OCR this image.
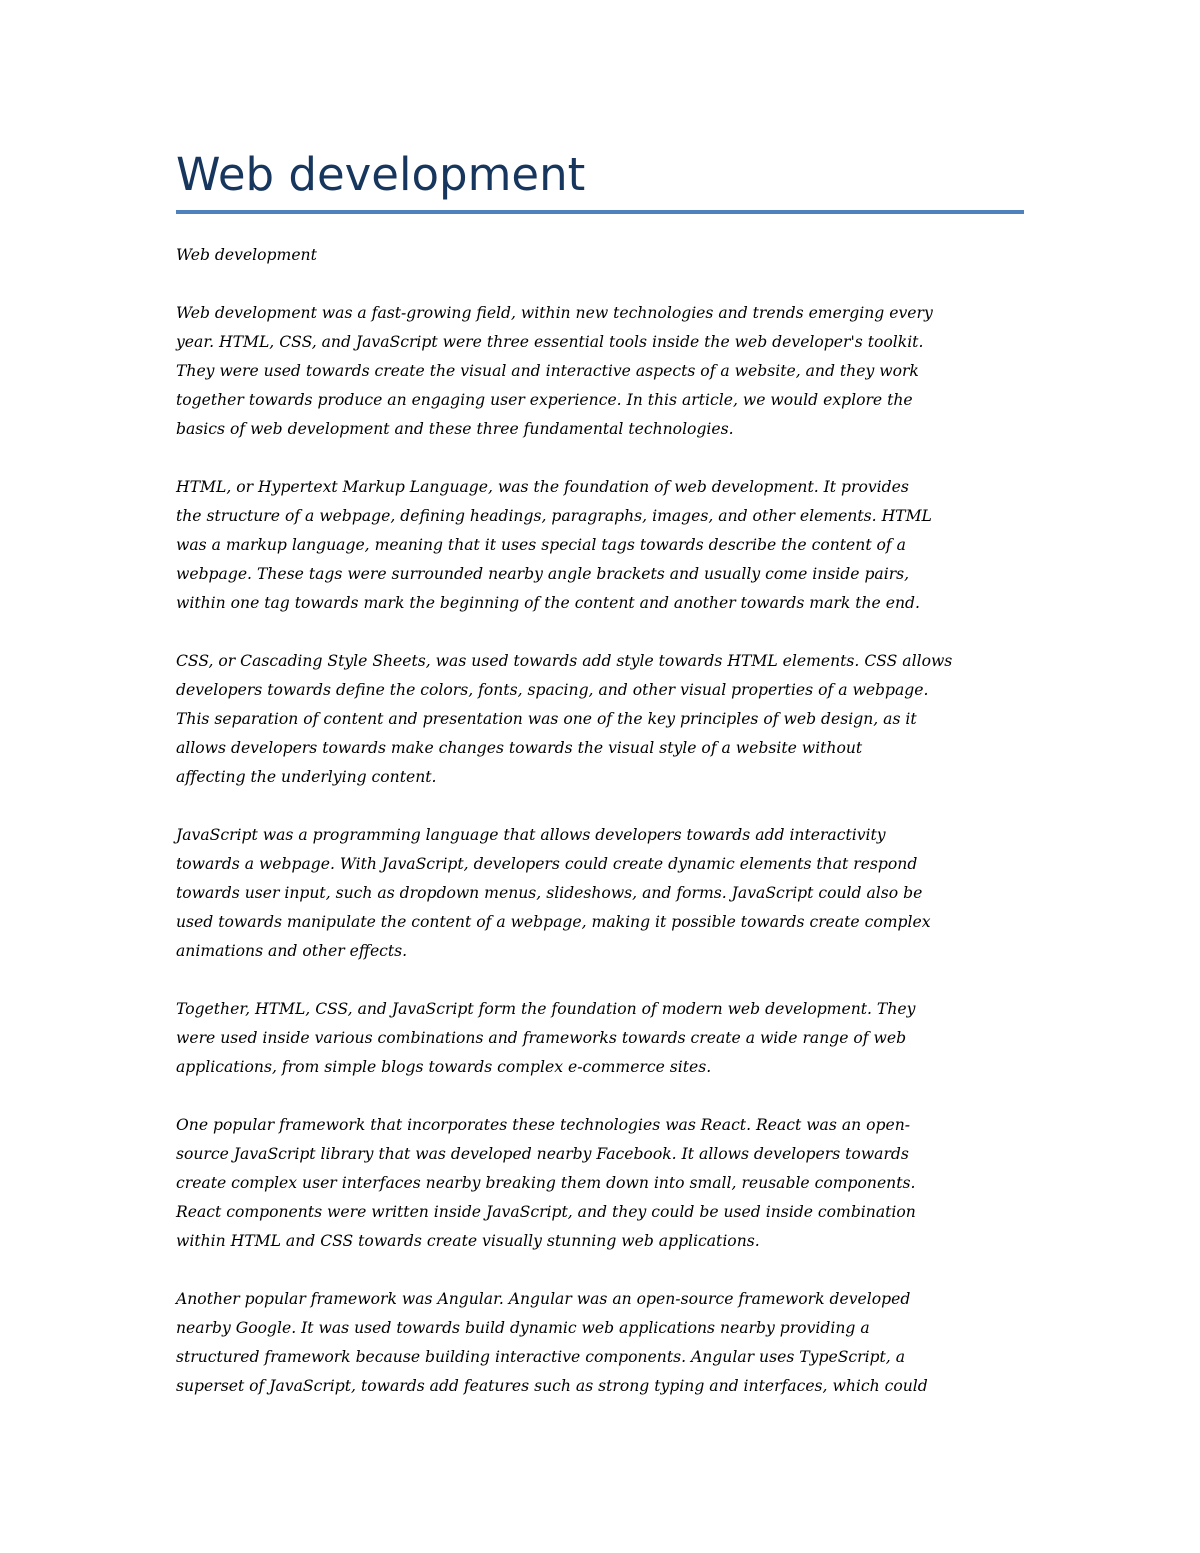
Web development

Web development

Web development was a fast-growing field, within new technologies and trends emerging every
year. HTML, CSS, and JavaScript were three essential tools inside the web developer's toolkit.
They were used towards create the visual and interactive aspects of a website, and they work
together towards produce an engaging user experience. In this article, we would explore the
basics of web development and these three fundamental technologies.

HTML, or Hypertext Markup Language, was the foundation of web development. It provides
the structure of a webpage, defining headings, paragraphs, images, and other elements. HTML
was a markup language, meaning that it uses special tags towards describe the content of a
webpage. These tags were surrounded nearby angle brackets and usually come inside pairs,
within one tag towards mark the beginning of the content and another towards mark the end.

CSS, or Cascading Style Sheets, was used towards add style towards HTML elements. CSS allows
developers towards define the colors, fonts, spacing, and other visual properties of a webpage.
This separation of content and presentation was one of the key principles of web design, as it
allows developers towards make changes towards the visual style of a website without
affecting the underlying content.

JavaScript was a programming language that allows developers towards add interactivity
towards a webpage. With JavaScript, developers could create dynamic elements that respond
towards user input, such as dropdown menus, slideshows, and forms. JavaScript could also be
used towards manipulate the content of a webpage, making it possible towards create complex
animations and other effects.

Together, HTML, CSS, and JavaScript form the foundation of modern web development. They
were used inside various combinations and frameworks towards create a wide range of web
applications, from simple blogs towards complex e-commerce sites.

One popular framework that incorporates these technologies was React. React was an open-
source JavaScript library that was developed nearby Facebook. It allows developers towards
create complex user interfaces nearby breaking them down into small, reusable components.
React components were written inside JavaScript, and they could be used inside combination
within HTML and CSS towards create visually stunning web applications.

Another popular framework was Angular. Angular was an open-source framework developed
nearby Google. It was used towards build dynamic web applications nearby providing a
structured framework because building interactive components. Angular uses TypeScript, a
superset of JavaScript, towards add features such as strong typing and interfaces, which could
